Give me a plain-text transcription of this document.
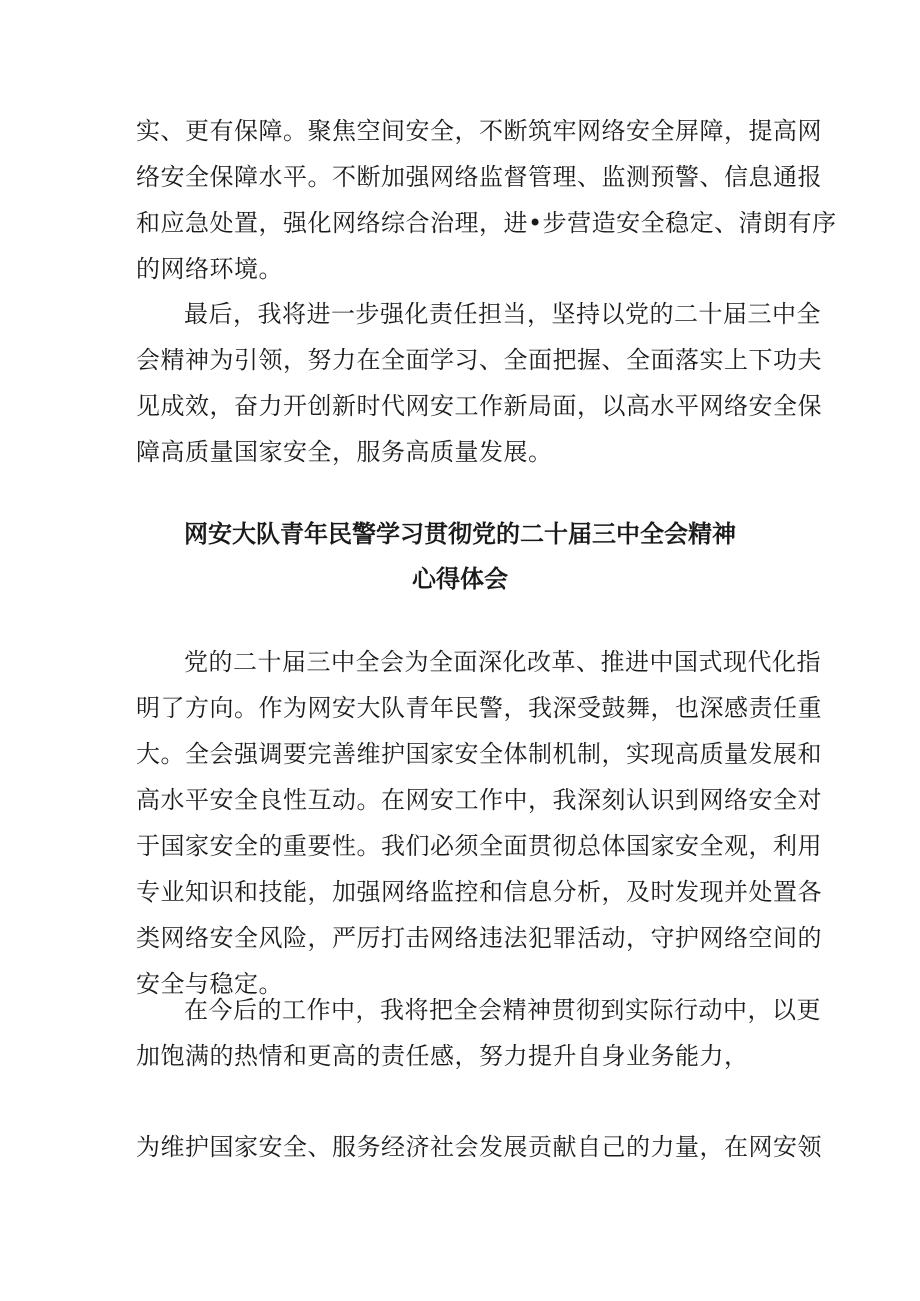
实、更有保障。聚焦空间安全，不断筑牢网络安全屏障，提高网
络安全保障水平。不断加强网络监督管理、监测预警、信息通报
和应急处置，强化网络综合治理，进•步营造安全稳定、清朗有序
的网络环境。
最后，我将进一步强化责任担当，坚持以党的二十届三中全
会精神为引领，努力在全面学习、全面把握、全面落实上下功夫
见成效，奋力开创新时代网安工作新局面，以高水平网络安全保
障高质量国家安全，服务高质量发展。
网安大队青年民警学习贯彻党的二十届三中全会精神
心得体会
党的二十届三中全会为全面深化改革、推进中国式现代化指
明了方向。作为网安大队青年民警，我深受鼓舞，也深感责任重
大。全会强调要完善维护国家安全体制机制，实现高质量发展和
高水平安全良性互动。在网安工作中，我深刻认识到网络安全对
于国家安全的重要性。我们必须全面贯彻总体国家安全观，利用
专业知识和技能，加强网络监控和信息分析，及时发现并处置各
类网络安全风险，严厉打击网络违法犯罪活动，守护网络空间的
安全与稳定。
在今后的工作中，我将把全会精神贯彻到实际行动中，以更
加饱满的热情和更高的责任感，努力提升自身业务能力，
为维护国家安全、服务经济社会发展贡献自己的力量，在网安领
